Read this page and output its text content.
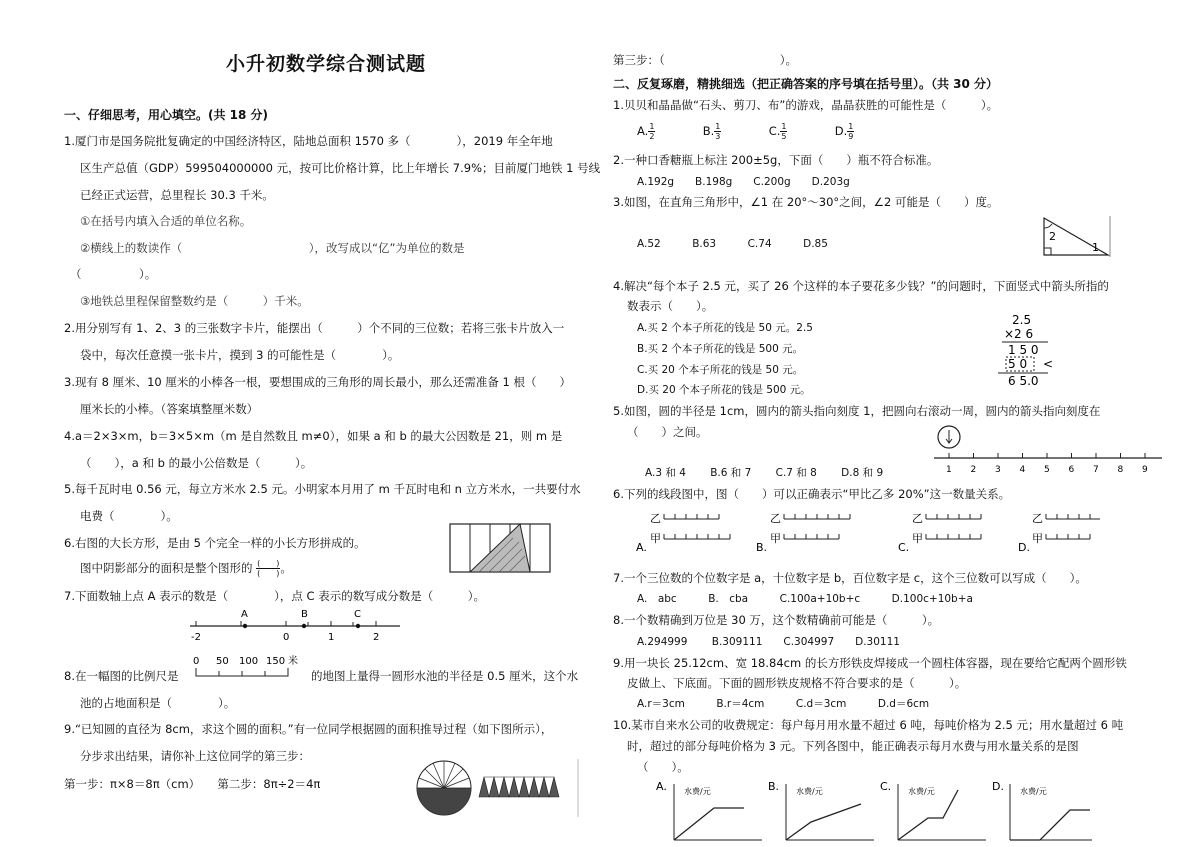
小升初数学综合测试题
一、仔细思考，用心填空。(共 18 分)
1.厦门市是国务院批复确定的中国经济特区，陆地总面积 1570 多（　　　　），2019 年全年地
区生产总值（GDP）599504000000 元，按可比价格计算，比上年增长 7.9%；目前厦门地铁 1 号线
已经正式运营，总里程长 30.3 千米。
①在括号内填入合适的单位名称。
②横线上的数读作（　　　　　　　　　　　），改写成以“亿”为单位的数是
（　　　　　）。
③地铁总里程保留整数约是（　　　）千米。
2.用分别写有 1、2、3 的三张数字卡片，能摆出（　　　）个不同的三位数；若将三张卡片放入一
袋中，每次任意摸一张卡片，摸到 3 的可能性是（　　　　）。
3.现有 8 厘米、10 厘米的小棒各一根，要想围成的三角形的周长最小，那么还需准备 1 根（　　）
厘米长的小棒。（答案填整厘米数）
4.a＝2×3×m，b＝3×5×m（m 是自然数且 m≠0），如果 a 和 b 的最大公因数是 21，则 m 是
（　　），a 和 b 的最小公倍数是（　　　）。
5.每千瓦时电 0.56 元，每立方米水 2.5 元。小明家本月用了 m 千瓦时电和 n 立方米水，一共要付水
电费（　　　　）。
6.右图的大长方形，是由 5 个完全一样的小长方形拼成的。
图中阴影部分的面积是整个图形的 $\frac{( )}{( )}$ 。
7.下面数轴上点 A 表示的数是（　　　　），点 C 表示的数写成分数是（　　　）。
A	B	C
-2	0	1	2
8.在一幅图的比例尺是
0 50 100 150 米
的地图上量得一圆形水池的半径是 0.5 厘米，这个水
池的占地面积是（　　　　）。
9.“已知圆的直径为 8cm，求这个圆的面积。”有一位同学根据圆的面积推导过程（如下图所示），
分步求出结果，请你补上这位同学的第三步：
第一步：π×8＝8π（cm）　　第二步：8π÷2＝4π
第三步：（　　　　　　　　　　）。
二、反复琢磨，精挑细选（把正确答案的序号填在括号里）。（共 30 分）
1.贝贝和晶晶做“石头、剪刀、布”的游戏，晶晶获胜的可能性是（　　　）。
A. $\frac{1}{2}$	B. $\frac{1}{3}$	C. $\frac{1}{5}$	D. $\frac{1}{9}$
2.一种口香糖瓶上标注 200±5g，下面（　　）瓶不符合标准。
A.192g　　B.198g　　C.200g　　D.203g
3.如图，在直角三角形中，∠1 在 20°～30°之间，∠2 可能是（　　）度。
A.52　　　B.63　　　C.74　　　D.85
2
1
4.解决“每个本子 2.5 元，买了 26 个这样的本子要花多少钱？”的问题时，下面竖式中箭头所指的
数表示（　　）。
A.买 2 个本子所花的钱是 50 元。2.5
B.买 2 个本子所花的钱是 500 元。
C.买 20 个本子所花的钱是 50 元。
D.买 20 个本子所花的钱是 500 元。
2.5
×2 6
1 5 0
5 0 <
6 5.0
5.如图，圆的半径是 1cm，圆内的箭头指向刻度 1，把圆向右滚动一周，圆内的箭头指向刻度在
（　　）之间。
A.3 和 4　　 B.6 和 7　　 C.7 和 8　　 D.8 和 9	1 2 3 4 5 6 7 8 9
6.下列的线段图中，图（　　）可以正确表示“甲比乙多 20%”这一数量关系。
乙
甲
A.
乙
甲
B.
乙
甲
C.
乙
甲
D.
7.一个三位数的个位数字是 a，十位数字是 b，百位数字是 c，这个三位数可以写成（　　）。
A.　abc　　　B.　cba　　　C.100a+10b+c　　　D.100c+10b+a
8.一个数精确到万位是 30 万，这个数精确前可能是（　　　）。
A.294999　　 B.309111　　C.304997　　D.30111
9.用一块长 25.12cm、宽 18.84cm 的长方形铁皮焊接成一个圆柱体容器，现在要给它配两个圆形铁
皮做上、下底面。下面的圆形铁皮规格不符合要求的是（　　　）。
A.r＝3cm　　　B.r＝4cm　　　C.d＝3cm　　　D.d＝6cm
10.某市自来水公司的收费规定：每户每月用水量不超过 6 吨，每吨价格为 2.5 元；用水量超过 6 吨
时，超过的部分每吨价格为 3 元。下列各图中，能正确表示每月水费与用水量关系的是图
（　　）。
A. 水费/元	B. 水费/元	C. 水费/元	D. 水费/元
